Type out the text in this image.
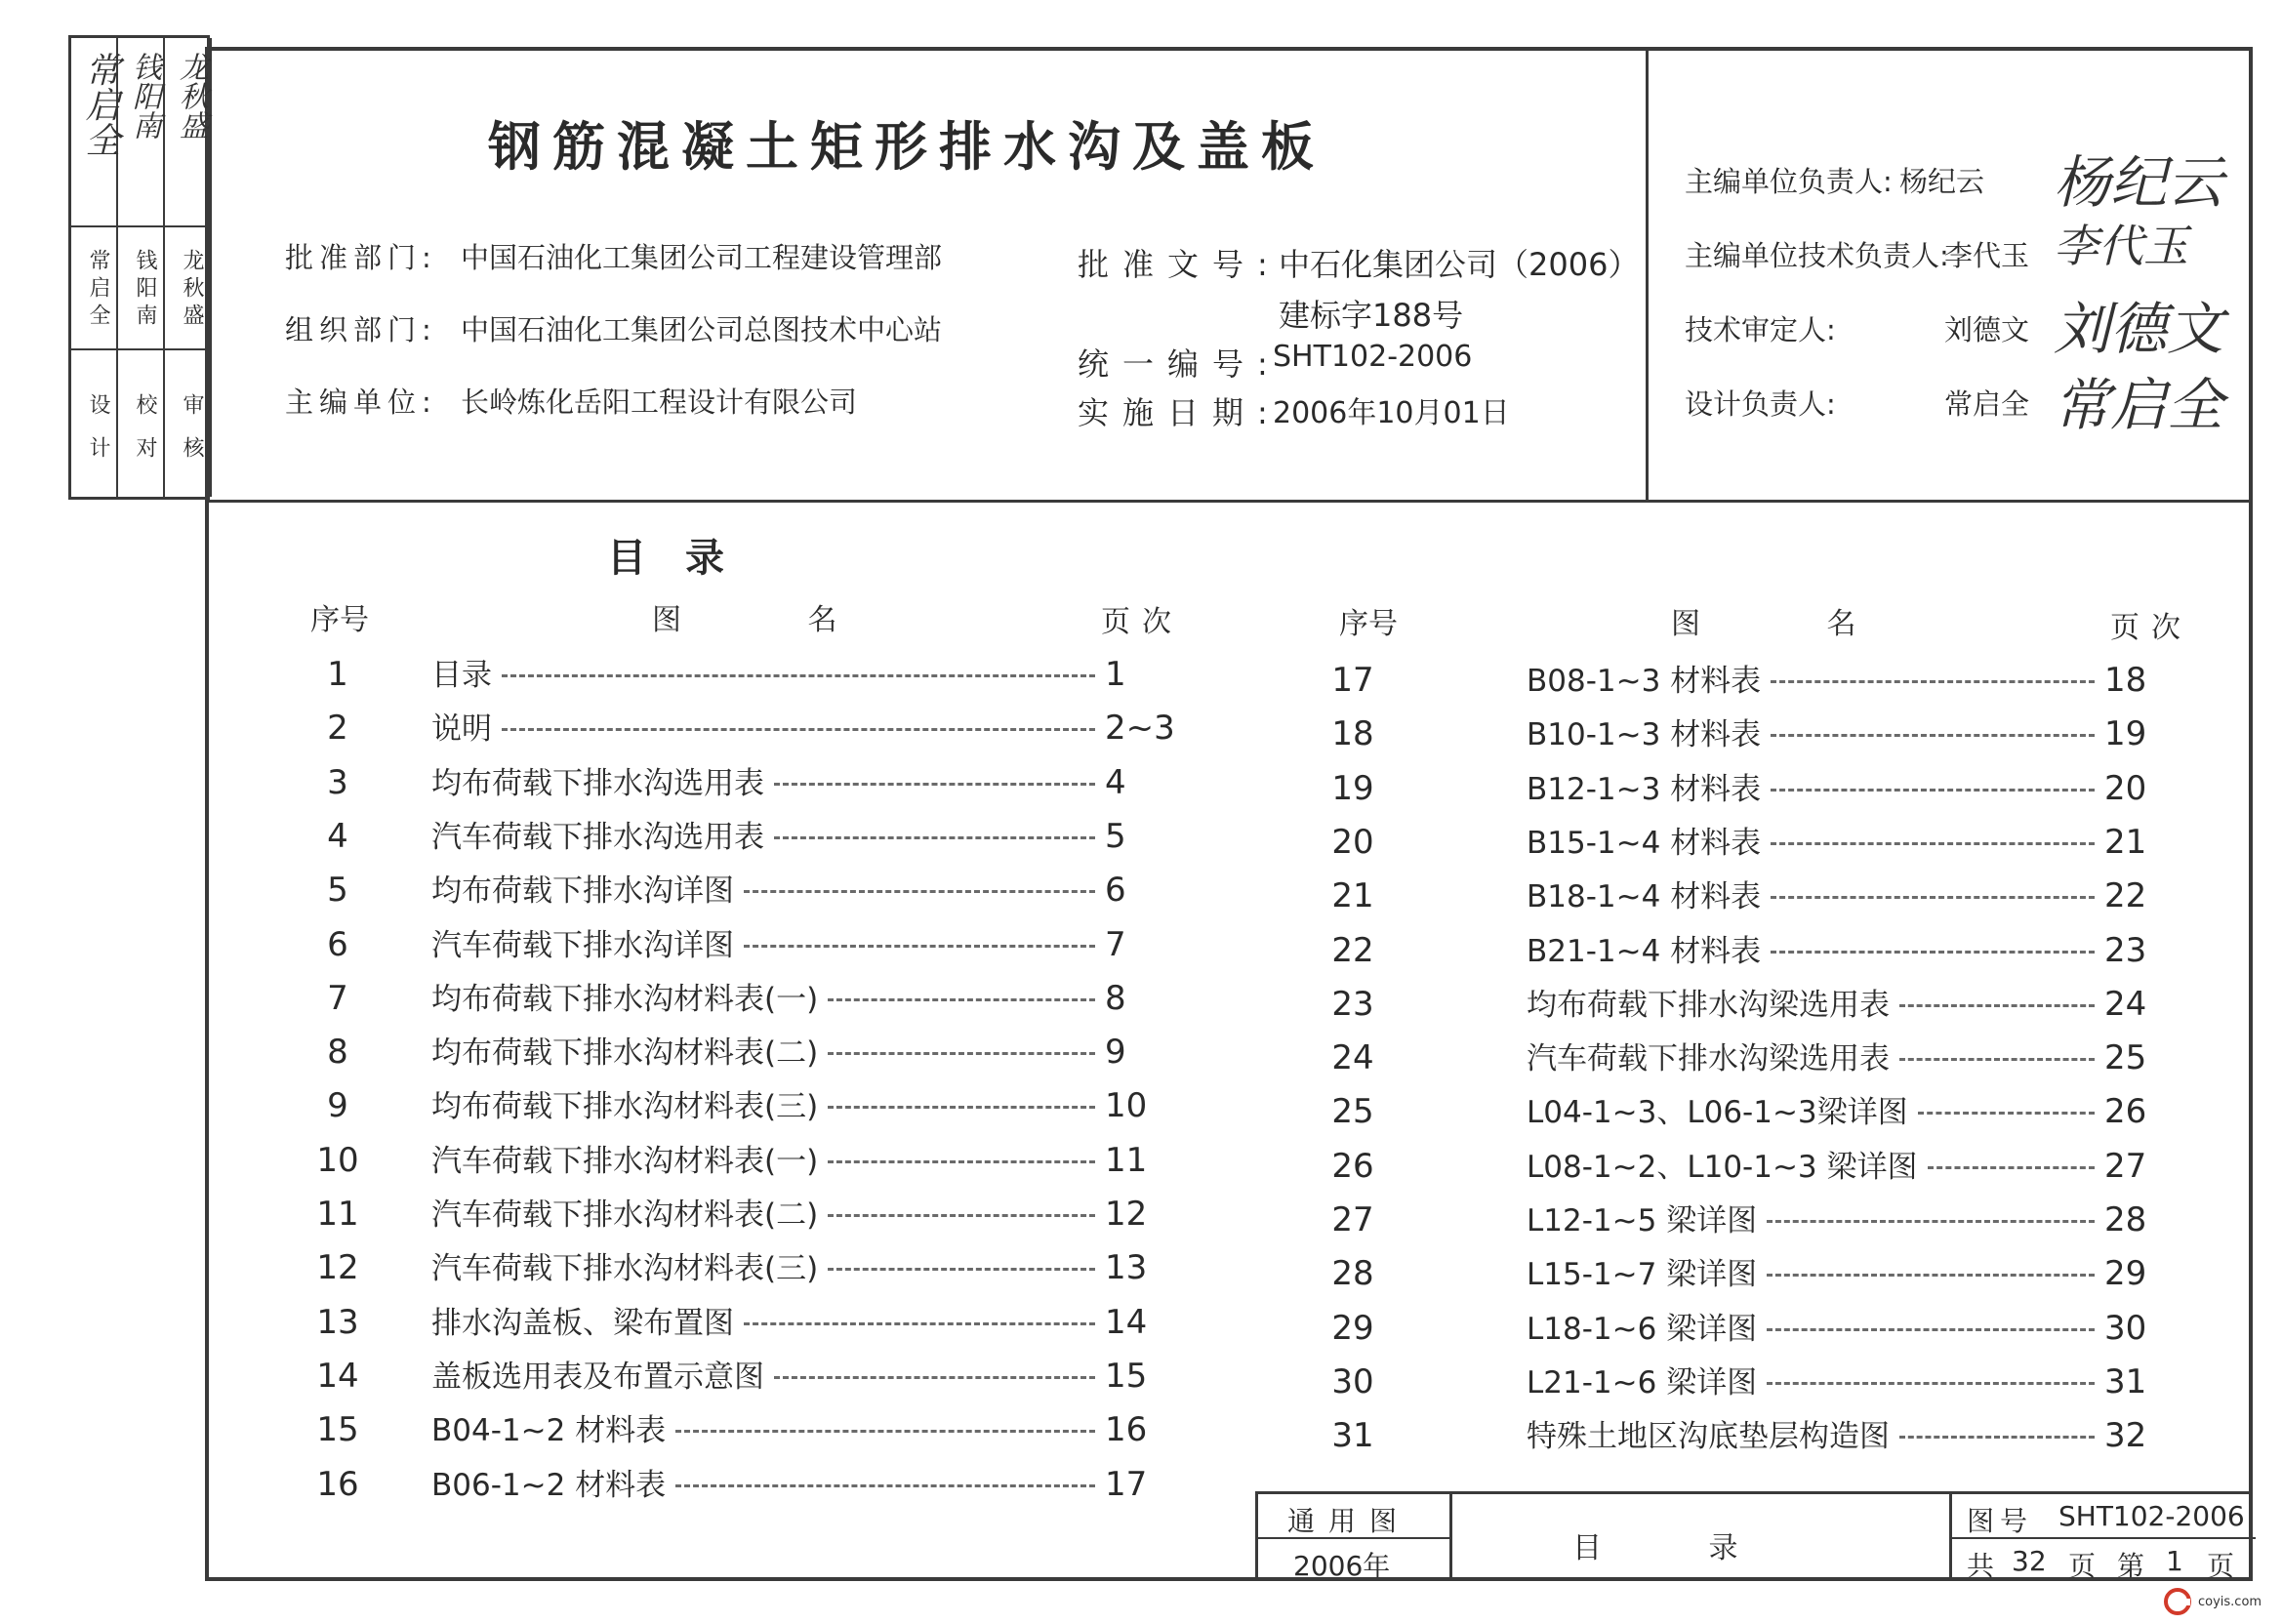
常启全 钱阳南 龙秋盛
常启全 钱阳南 龙秋盛
设计 校对 审核
钢筋混凝土矩形排水沟及盖板
批准部门: 中国石油化工集团公司工程建设管理部
组织部门: 中国石油化工集团公司总图技术中心站
主编单位: 长岭炼化岳阳工程设计有限公司
批准文号:
中石化集团公司（2006）
建标字188号
统一编号:
SHT102-2006
实施日期:
2006年10月01日
主编单位负责人: 杨纪云 杨纪云
主编单位技术负责人:
李代玉 李代玉
技术审定人:	刘德文 刘德文
设计负责人:	常启全 常启全
目录
序号	图 名	页次	序号	图 名	页次
1	目录	1
2	说明	2~3
3	均布荷载下排水沟选用表	4
4	汽车荷载下排水沟选用表	5
5	均布荷载下排水沟详图	6
6	汽车荷载下排水沟详图	7
7	均布荷载下排水沟材料表(一)	8
8	均布荷载下排水沟材料表(二)	9
9	均布荷载下排水沟材料表(三)	10
10	汽车荷载下排水沟材料表(一)	11
11	汽车荷载下排水沟材料表(二)	12
12	汽车荷载下排水沟材料表(三)	13
13	排水沟盖板、梁布置图	14
14	盖板选用表及布置示意图	15
15	B04-1~2 材料表	16
16	B06-1~2 材料表	17
17	B08-1~3 材料表	18
18	B10-1~3 材料表	19
19	B12-1~3 材料表	20
20	B15-1~4 材料表	21
21	B18-1~4 材料表	22
22	B21-1~4 材料表	23
23	均布荷载下排水沟梁选用表	24
24	汽车荷载下排水沟梁选用表	25
25	L04-1~3、L06-1~3梁详图	26
26	L08-1~2、L10-1~3 梁详图	27
27	L12-1~5 梁详图	28
28	L15-1~7 梁详图	29
29	L18-1~6 梁详图	30
30	L21-1~6 梁详图	31
31	特殊土地区沟底垫层构造图	32
通用图
2006年
目 录
图号 SHT102-2006
共 32 页 第 1 页
coyis.com
